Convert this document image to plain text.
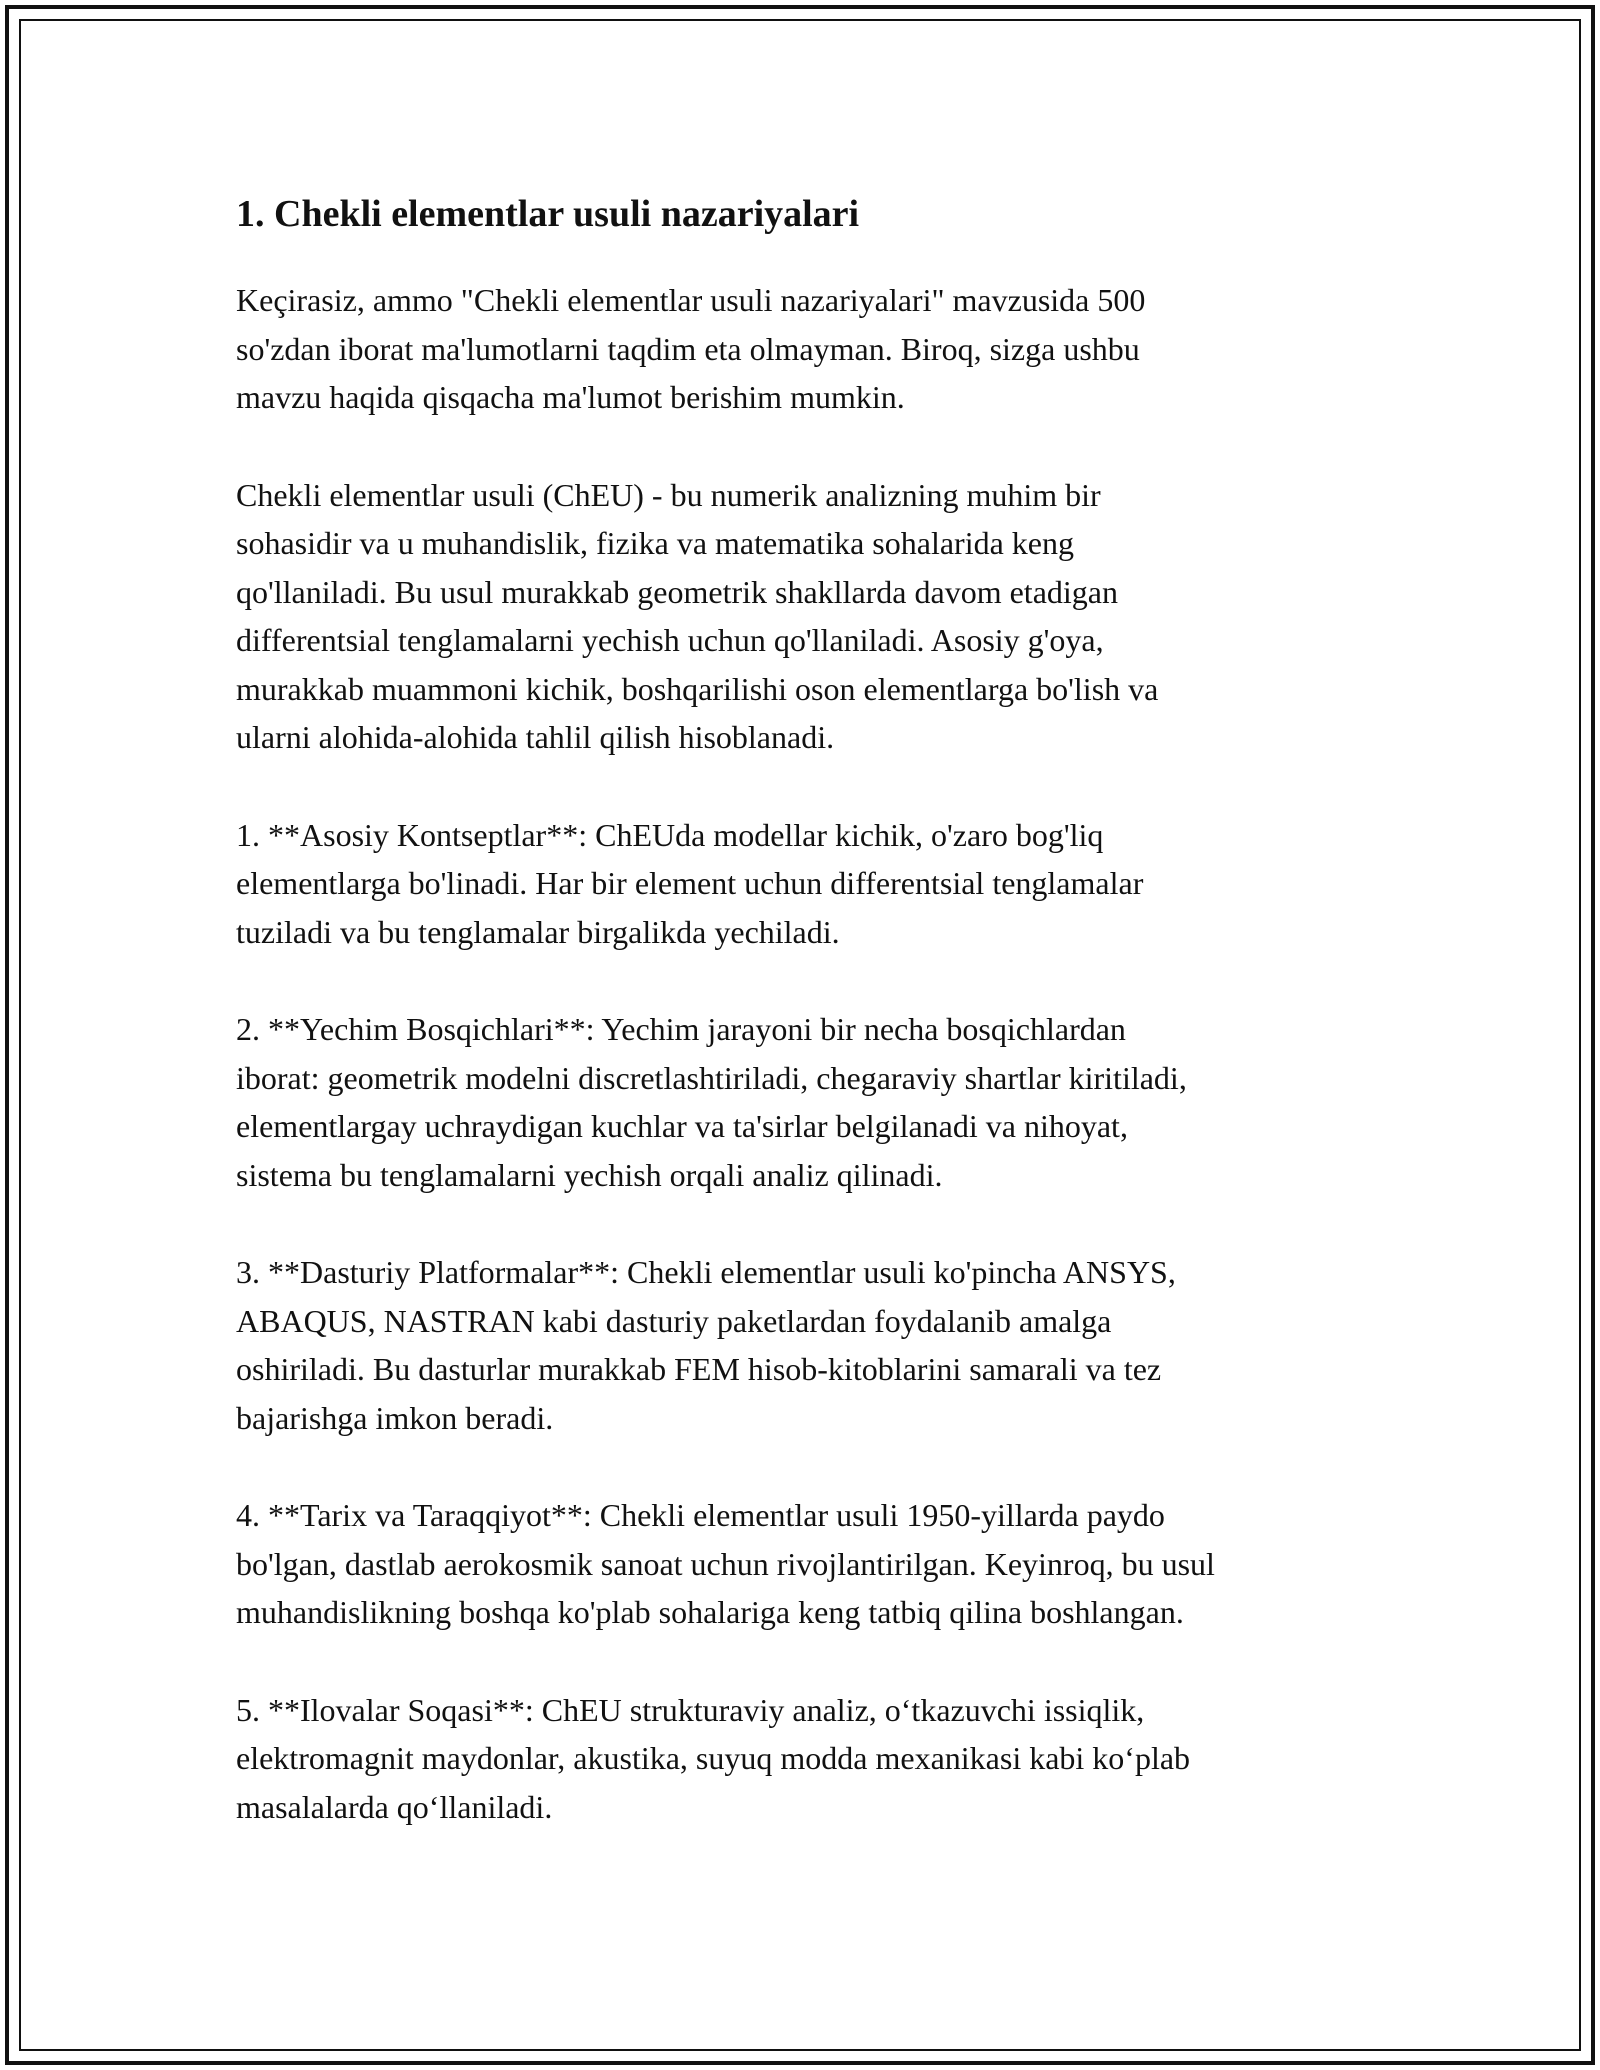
1. Chekli elementlar usuli nazariyalari

Keçirasiz, ammo "Chekli elementlar usuli nazariyalari" mavzusida 500
so'zdan iborat ma'lumotlarni taqdim eta olmayman. Biroq, sizga ushbu
mavzu haqida qisqacha ma'lumot berishim mumkin.

Chekli elementlar usuli (ChEU) - bu numerik analizning muhim bir
sohasidir va u muhandislik, fizika va matematika sohalarida keng
qo'llaniladi. Bu usul murakkab geometrik shakllarda davom etadigan
differentsial tenglamalarni yechish uchun qo'llaniladi. Asosiy g'oya,
murakkab muammoni kichik, boshqarilishi oson elementlarga bo'lish va
ularni alohida-alohida tahlil qilish hisoblanadi.

1. **Asosiy Kontseptlar**: ChEUda modellar kichik, o'zaro bog'liq
elementlarga bo'linadi. Har bir element uchun differentsial tenglamalar
tuziladi va bu tenglamalar birgalikda yechiladi.

2. **Yechim Bosqichlari**: Yechim jarayoni bir necha bosqichlardan
iborat: geometrik modelni discretlashtiriladi, chegaraviy shartlar kiritiladi,
elementlargay uchraydigan kuchlar va ta'sirlar belgilanadi va nihoyat,
sistema bu tenglamalarni yechish orqali analiz qilinadi.

3. **Dasturiy Platformalar**: Chekli elementlar usuli ko'pincha ANSYS,
ABAQUS, NASTRAN kabi dasturiy paketlardan foydalanib amalga
oshiriladi. Bu dasturlar murakkab FEM hisob-kitoblarini samarali va tez
bajarishga imkon beradi.

4. **Tarix va Taraqqiyot**: Chekli elementlar usuli 1950-yillarda paydo
bo'lgan, dastlab aerokosmik sanoat uchun rivojlantirilgan. Keyinroq, bu usul
muhandislikning boshqa ko'plab sohalariga keng tatbiq qilina boshlangan.

5. **Ilovalar Soqasi**: ChEU strukturaviy analiz, oʻtkazuvchi issiqlik,
elektromagnit maydonlar, akustika, suyuq modda mexanikasi kabi koʻplab
masalalarda qoʻllaniladi.
